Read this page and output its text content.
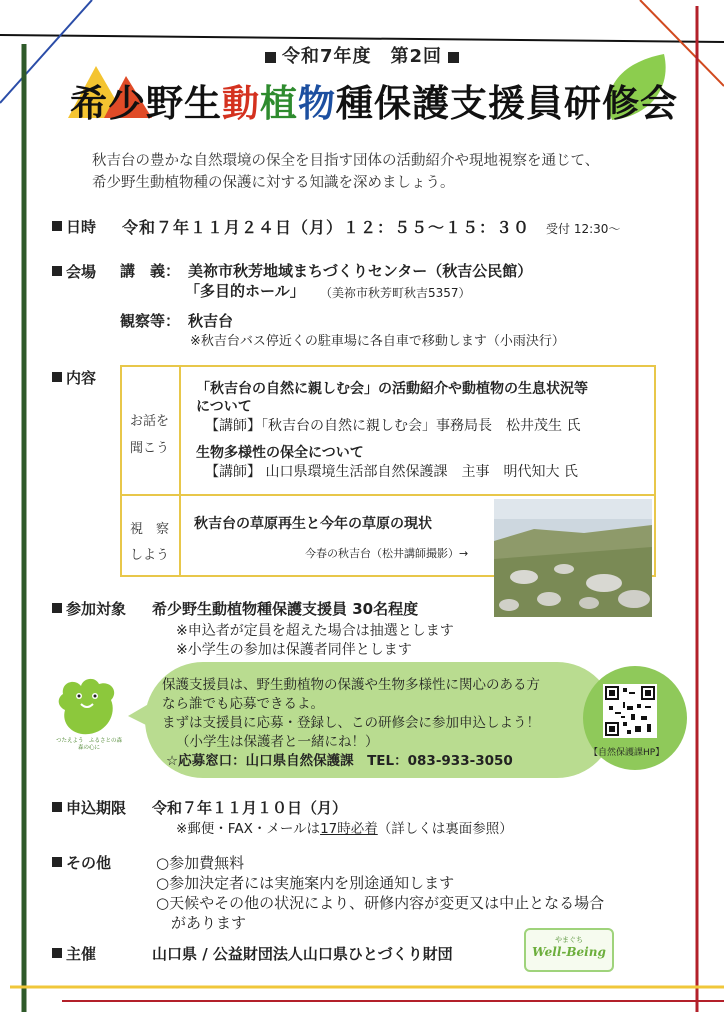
令和7年度　第2回
希少野生動植物種保護支援員研修会
秋吉台の豊かな自然環境の保全を目指す団体の活動紹介や現地視察を通じて、
希少野生動植物種の保護に対する知識を深めましょう。
日時 令和７年１１月２４日（月）１２：５５〜１５：３０ 受付 12:30〜
会場 講　義： 美祢市秋芳地域まちづくりセンター（秋吉公民館）
「多目的ホール」 （美祢市秋芳町秋吉5357）
観察等： 秋吉台
※秋吉台バス停近くの駐車場に各自車で移動します（小雨決行）
内容
お話を
聞こう
「秋吉台の自然に親しむ会」の活動紹介や動植物の生息状況等
について
【講師】「秋吉台の自然に親しむ会」事務局長　松井茂生 氏
生物多様性の保全について
【講師】 山口県環境生活部自然保護課　主事　明代知大 氏
視　察
しよう
秋吉台の草原再生と今年の草原の現状
今春の秋吉台（松井講師撮影）→
参加対象 希少野生動植物種保護支援員 30名程度
※申込者が定員を超えた場合は抽選とします
※小学生の参加は保護者同伴とします
保護支援員は、野生動植物の保護や生物多様性に関心のある方
なら誰でも応募できるよ。
まずは支援員に応募・登録し、この研修会に参加申込しよう！
（小学生は保護者と一緒にね！）
☆応募窓口：山口県自然保護課　TEL：083-933-3050
つたえよう　ふるさとの森　森の心に	【自然保護課HP】
申込期限 令和７年１１月１０日（月）
※郵便・FAX・メールは17時必着（詳しくは裏面参照）
その他	○参加費無料
○参加決定者には実施案内を別途通知します
○天候やその他の状況により、研修内容が変更又は中止となる場合
　があります
主催	山口県 / 公益財団法人山口県ひとづくり財団
やまぐち
Well-Being
